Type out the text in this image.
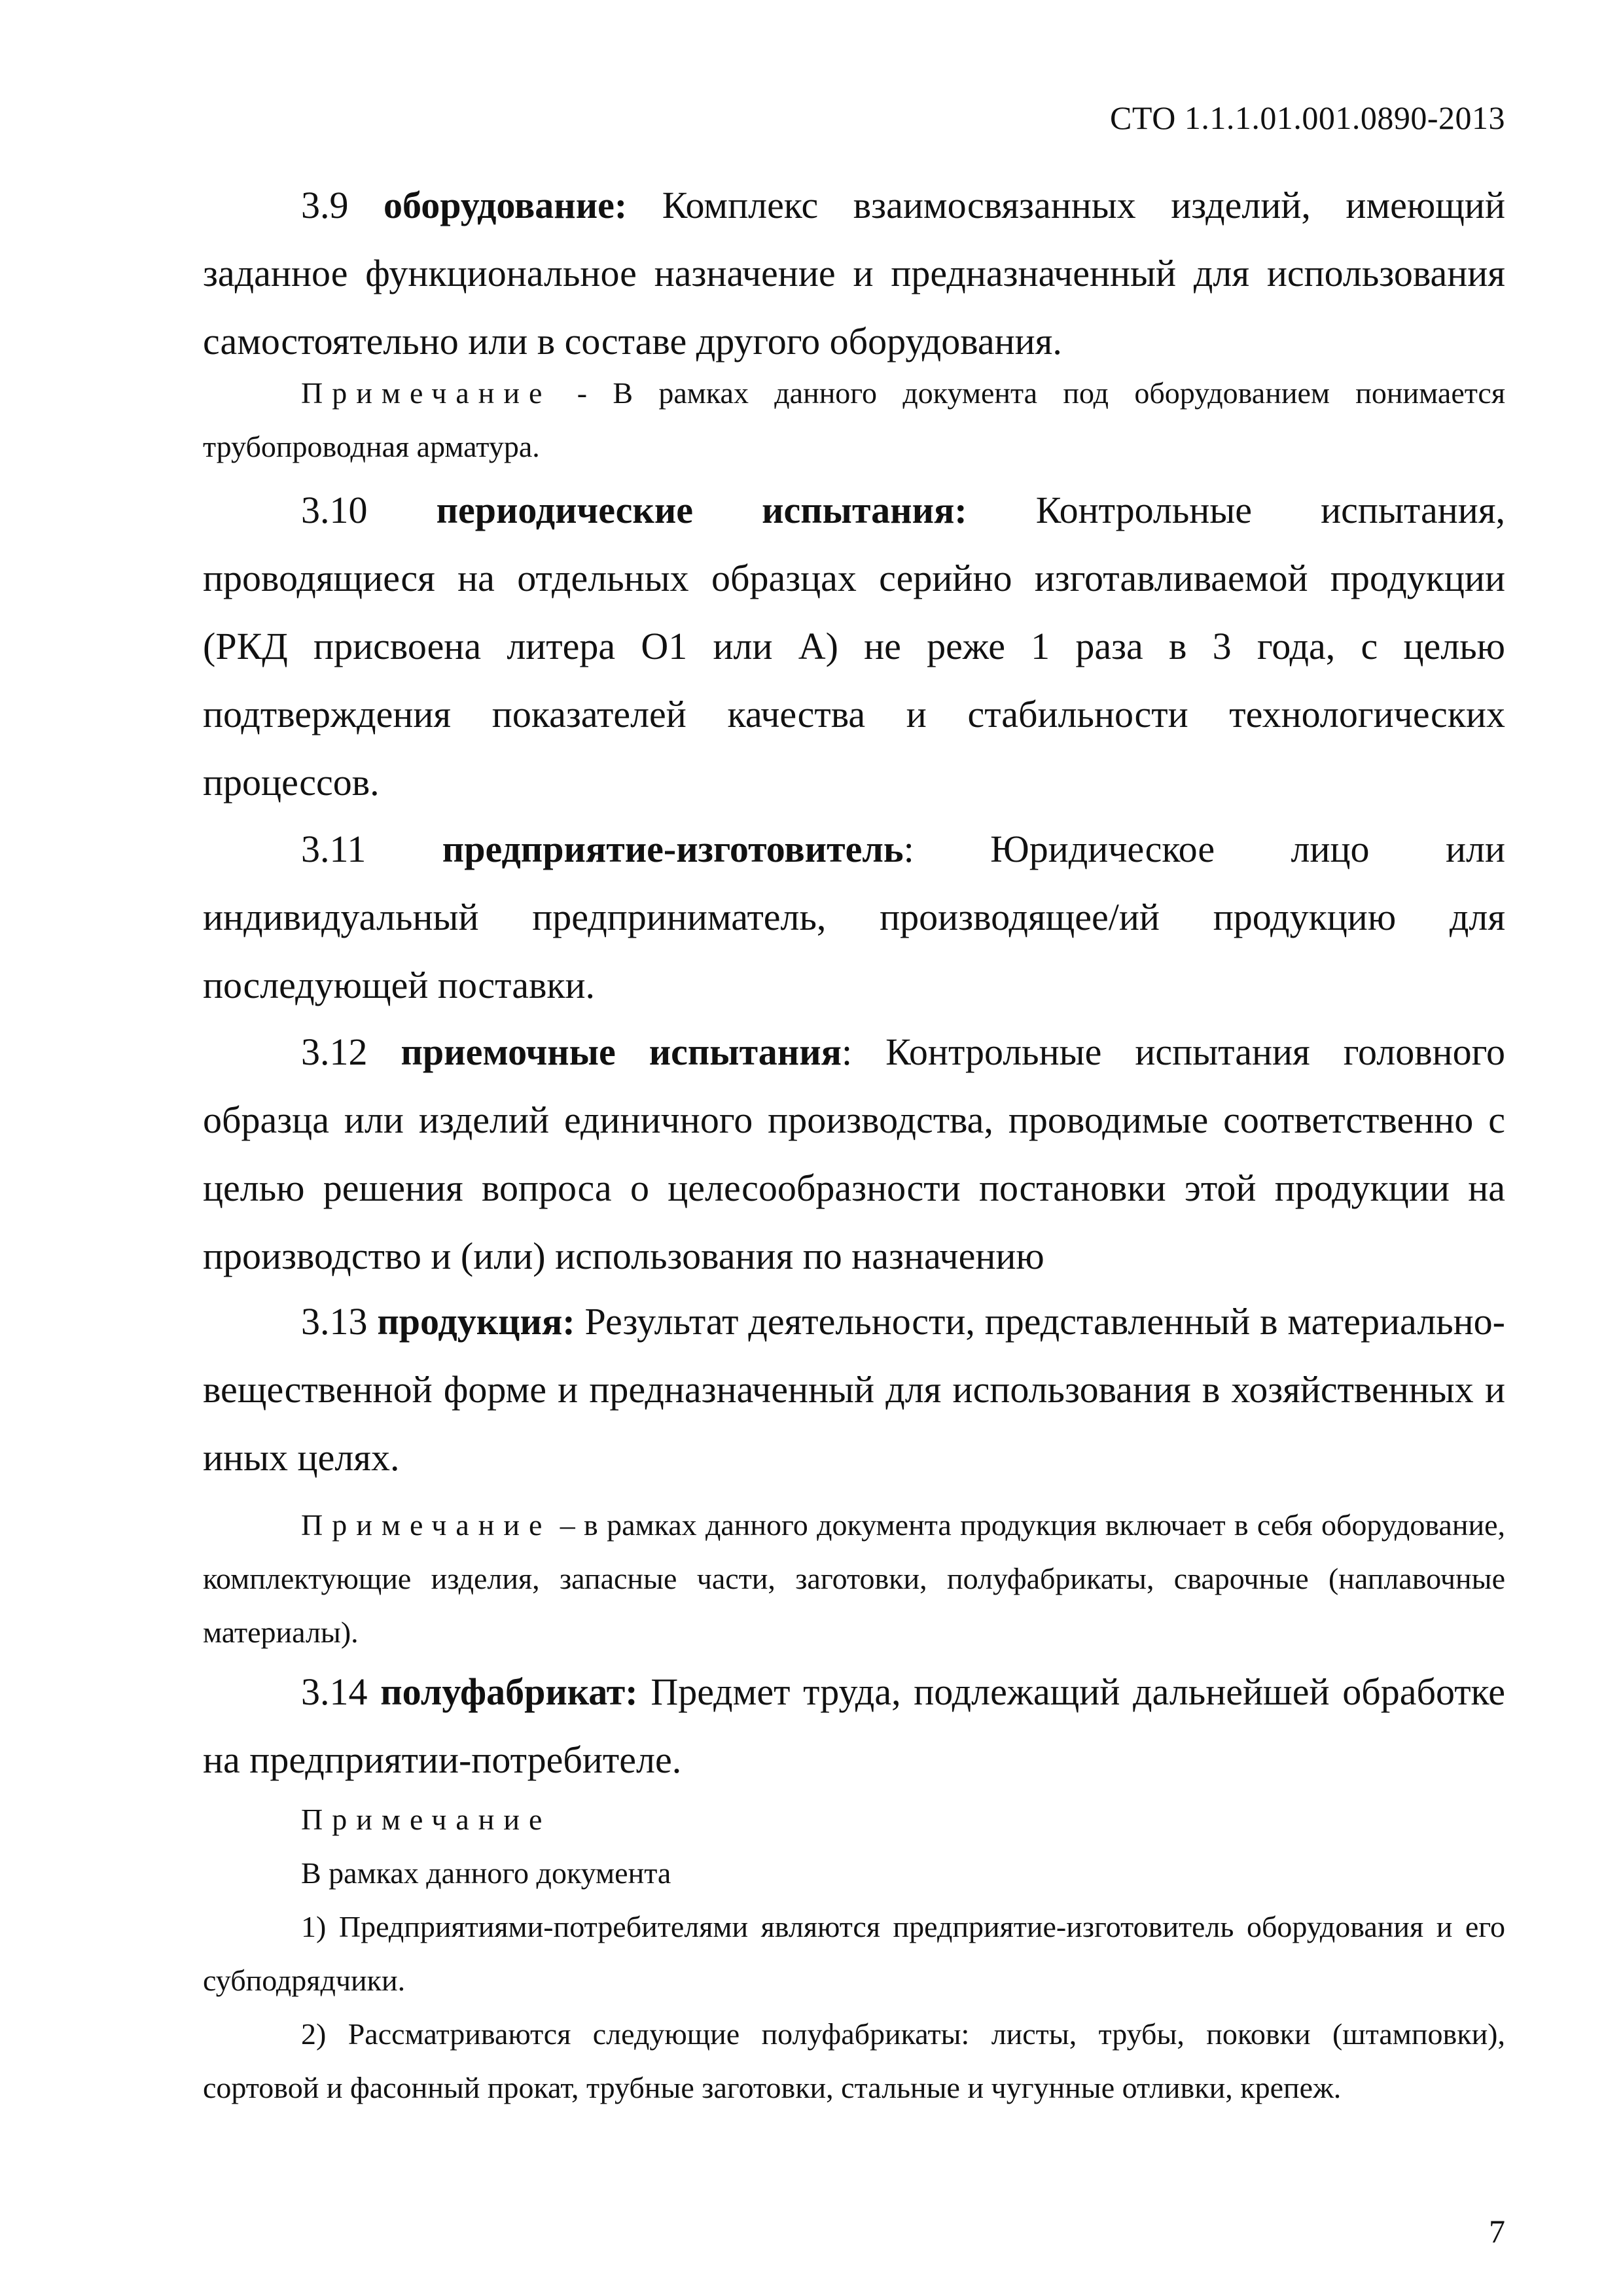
СТО 1.1.1.01.001.0890-2013
3.9 оборудование: Комплекс взаимосвязанных изделий, имеющий заданное функциональное назначение и предназначенный для использования самостоятельно или в составе другого оборудования.
Примечание - В рамках данного документа под оборудованием понимается трубопроводная арматура.
3.10 периодические испытания: Контрольные испытания, проводящиеся на отдельных образцах серийно изготавливаемой продукции (РКД присвоена литера О1 или А) не реже 1 раза в 3 года, с целью подтверждения показателей качества и стабильности технологических процессов.
3.11 предприятие-изготовитель: Юридическое лицо или индивидуальный предприниматель, производящее/ий продукцию для последующей поставки.
3.12 приемочные испытания: Контрольные испытания головного образца или изделий единичного производства, проводимые соответственно с целью решения вопроса о целесообразности постановки этой продукции на производство и (или) использования по назначению
3.13 продукция: Результат деятельности, представленный в материально-вещественной форме и предназначенный для использования в хозяйственных и иных целях.
Примечание – в рамках данного документа продукция включает в себя оборудование, комплектующие изделия, запасные части, заготовки, полуфабрикаты, сварочные (наплавочные материалы).
3.14 полуфабрикат: Предмет труда, подлежащий дальнейшей обработке на предприятии-потребителе.
Примечание
В рамках данного документа
1) Предприятиями-потребителями являются предприятие-изготовитель оборудования и его субподрядчики.
2) Рассматриваются следующие полуфабрикаты: листы, трубы, поковки (штамповки), сортовой и фасонный прокат, трубные заготовки, стальные и чугунные отливки, крепеж.
7
